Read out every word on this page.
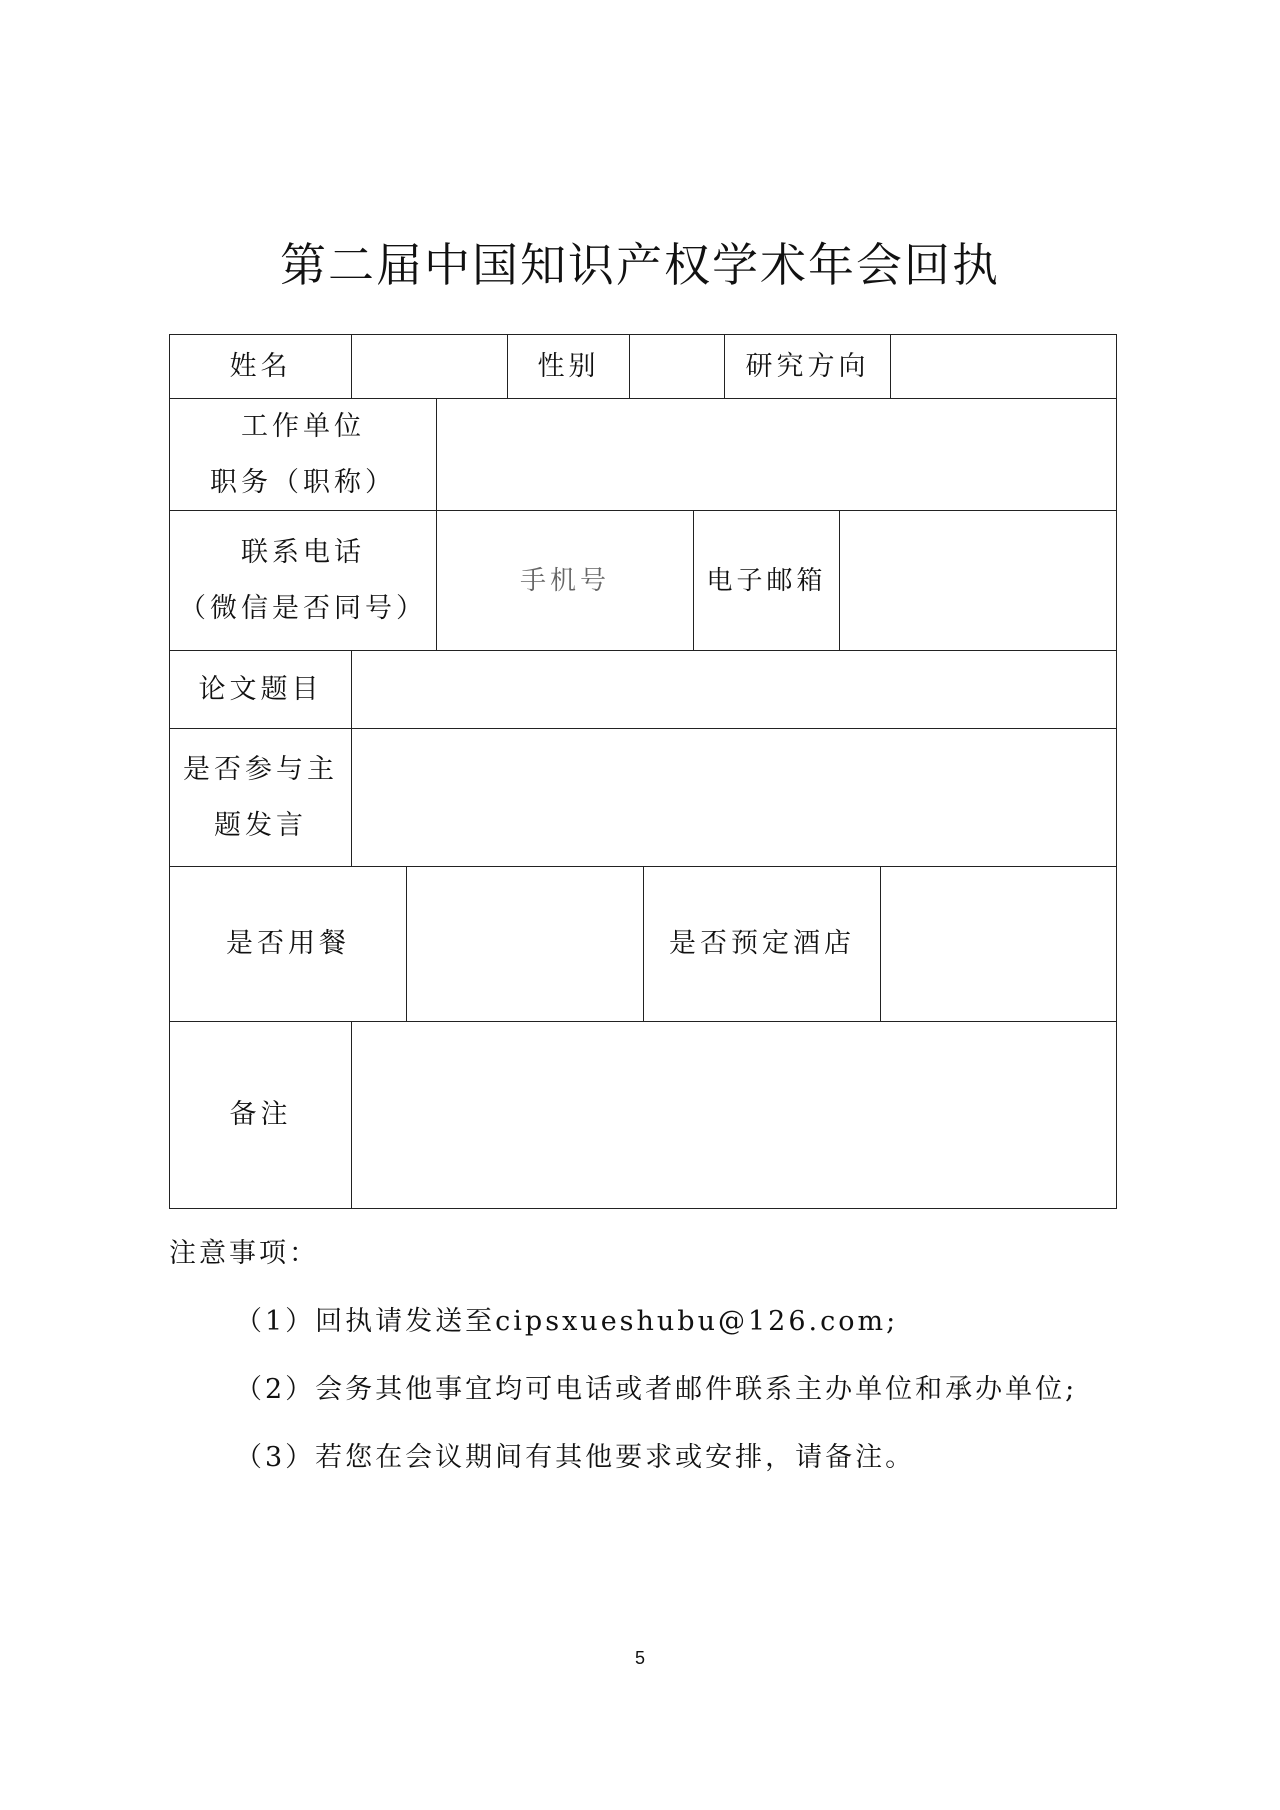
第二届中国知识产权学术年会回执
姓名	性别	研究方向
工作单位
职务（职称）
联系电话
（微信是否同号）
手机号	电子邮箱
论文题目
是否参与主
题发言
是否用餐	是否预定酒店
备注
注意事项：
（1）回执请发送至cipsxueshubu@126.com;
（2）会务其他事宜均可电话或者邮件联系主办单位和承办单位;
（3）若您在会议期间有其他要求或安排，请备注。
5
